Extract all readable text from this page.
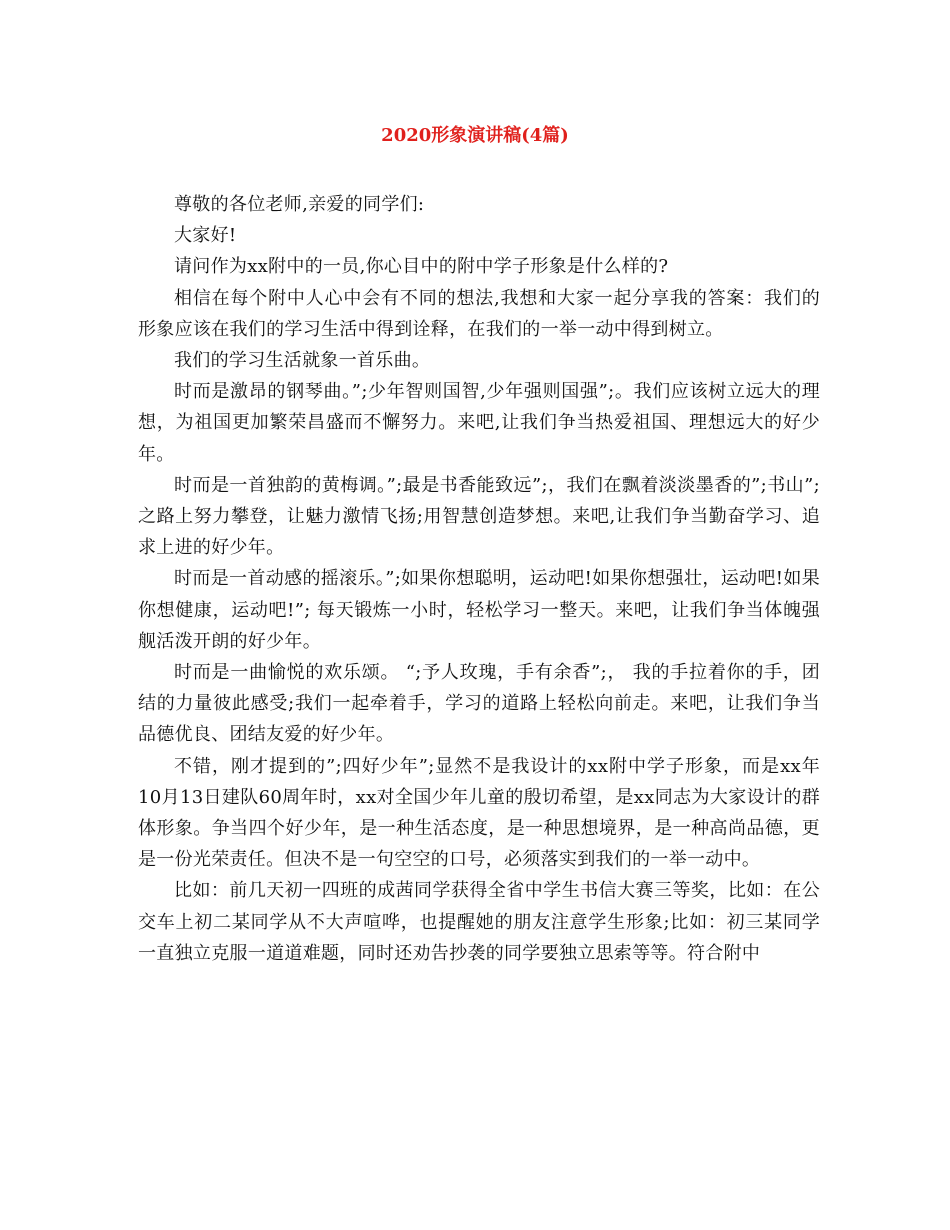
2020形象演讲稿(4篇)

尊敬的各位老师,亲爱的同学们:

大家好!

请问作为xx附中的一员,你心目中的附中学子形象是什么样的?

相信在每个附中人心中会有不同的想法,我想和大家一起分享我的答案：我们的形象应该在我们的学习生活中得到诠释，在我们的一举一动中得到树立。

我们的学习生活就象一首乐曲。

时而是激昂的钢琴曲。”;少年智则国智,少年强则国强”;。我们应该树立远大的理想，为祖国更加繁荣昌盛而不懈努力。来吧,让我们争当热爱祖国、理想远大的好少年。

时而是一首独韵的黄梅调。”;最是书香能致远”;，我们在飘着淡淡墨香的”;书山”;之路上努力攀登，让魅力激情飞扬;用智慧创造梦想。来吧,让我们争当勤奋学习、追求上进的好少年。

时而是一首动感的摇滚乐。”;如果你想聪明，运动吧!如果你想强壮，运动吧!如果你想健康，运动吧!”; 每天锻炼一小时，轻松学习一整天。来吧，让我们争当体魄强舰活泼开朗的好少年。

时而是一曲愉悦的欢乐颂。 “;予人玫瑰，手有余香”;， 我的手拉着你的手，团结的力量彼此感受;我们一起牵着手，学习的道路上轻松向前走。来吧，让我们争当品德优良、团结友爱的好少年。

不错，刚才提到的”;四好少年”;显然不是我设计的xx附中学子形象，而是xx年10月13日建队60周年时，xx对全国少年儿童的殷切希望，是xx同志为大家设计的群体形象。争当四个好少年，是一种生活态度，是一种思想境界，是一种高尚品德，更是一份光荣责任。但决不是一句空空的口号，必须落实到我们的一举一动中。

比如：前几天初一四班的成茜同学获得全省中学生书信大赛三等奖，比如：在公交车上初二某同学从不大声喧哗，也提醒她的朋友注意学生形象;比如：初三某同学一直独立克服一道道难题，同时还劝告抄袭的同学要独立思索等等。符合附中
